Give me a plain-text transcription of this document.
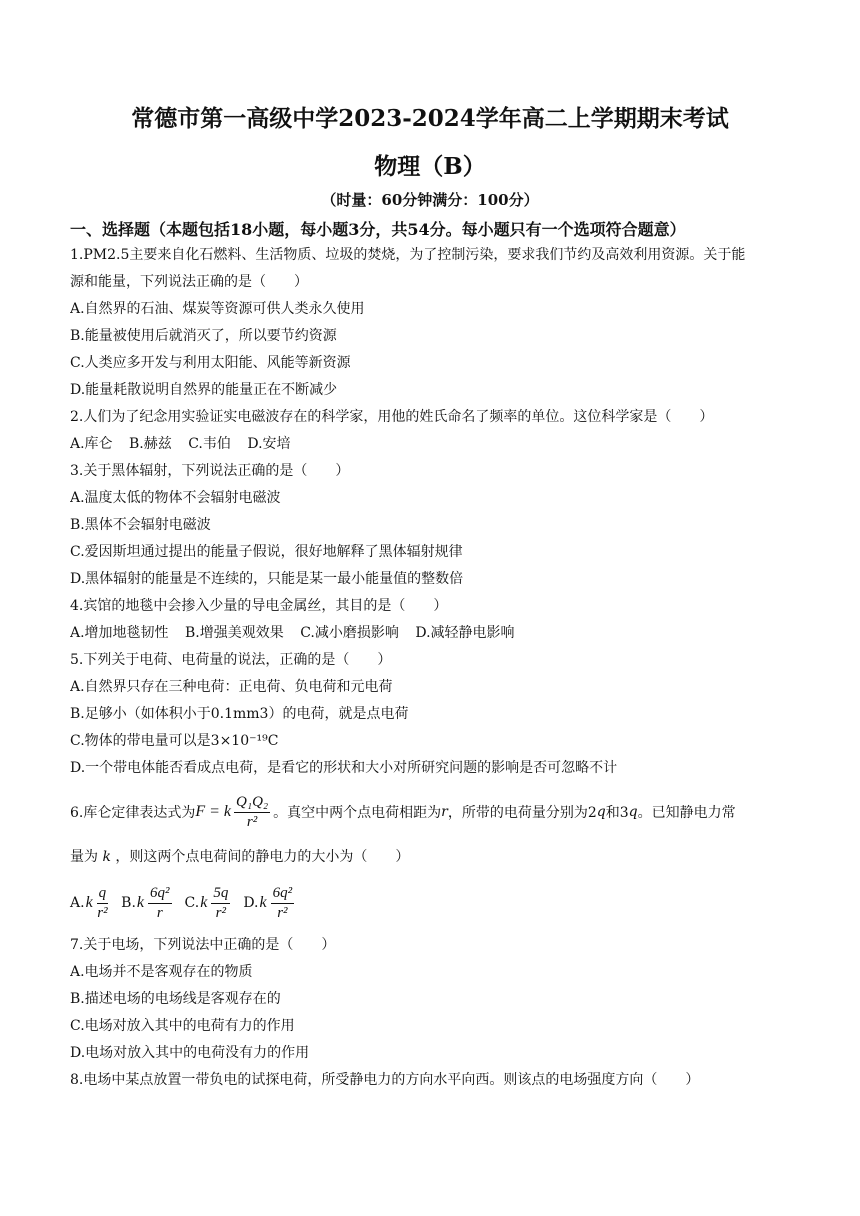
常德市第一高级中学2023-2024学年高二上学期期末考试
物理（B）
（时量：60分钟满分：100分）
一、选择题（本题包括18小题，每小题3分，共54分。每小题只有一个选项符合题意）
1.PM2.5主要来自化石燃料、生活物质、垃圾的焚烧，为了控制污染，要求我们节约及高效利用资源。关于能
源和能量，下列说法正确的是（　　）
A.自然界的石油、煤炭等资源可供人类永久使用
B.能量被使用后就消灭了，所以要节约资源
C.人类应多开发与利用太阳能、风能等新资源
D.能量耗散说明自然界的能量正在不断减少
2.人们为了纪念用实验证实电磁波存在的科学家，用他的姓氏命名了频率的单位。这位科学家是（　　）
A.库仑 B.赫兹 C.韦伯 D.安培
3.关于黑体辐射，下列说法正确的是（　　）
A.温度太低的物体不会辐射电磁波
B.黑体不会辐射电磁波
C.爱因斯坦通过提出的能量子假说，很好地解释了黑体辐射规律
D.黑体辐射的能量是不连续的，只能是某一最小能量值的整数倍
4.宾馆的地毯中会掺入少量的导电金属丝，其目的是（　　）
A.增加地毯韧性 B.增强美观效果 C.减小磨损影响 D.减轻静电影响
5.下列关于电荷、电荷量的说法，正确的是（　　）
A.自然界只存在三种电荷：正电荷、负电荷和元电荷
B.足够小（如体积小于0.1mm3）的电荷，就是点电荷
C.物体的带电量可以是3×10⁻¹⁹C
D.一个带电体能否看成点电荷，是看它的形状和大小对所研究问题的影响是否可忽略不计
6.库仑定律表达式为 F = k $\frac{\text{Q₁Q₂}}{\text{r²}}$ 。真空中两个点电荷相距为 r ，所带的电荷量分别为2 q 和3 q 。已知静电力常
量为 k ，则这两个点电荷间的静电力的大小为（　　）
A. k $\frac{q}{\text{r²}} B$. k $\frac{\text{6q²}}{r} C$. k $\frac{5q}{\text{r²}} D$. k $\frac{\text{6q²}}{\text{r²}}$
7.关于电场，下列说法中正确的是（　　）
A.电场并不是客观存在的物质
B.描述电场的电场线是客观存在的
C.电场对放入其中的电荷有力的作用
D.电场对放入其中的电荷没有力的作用
8.电场中某点放置一带负电的试探电荷，所受静电力的方向水平向西。则该点的电场强度方向（　　）
